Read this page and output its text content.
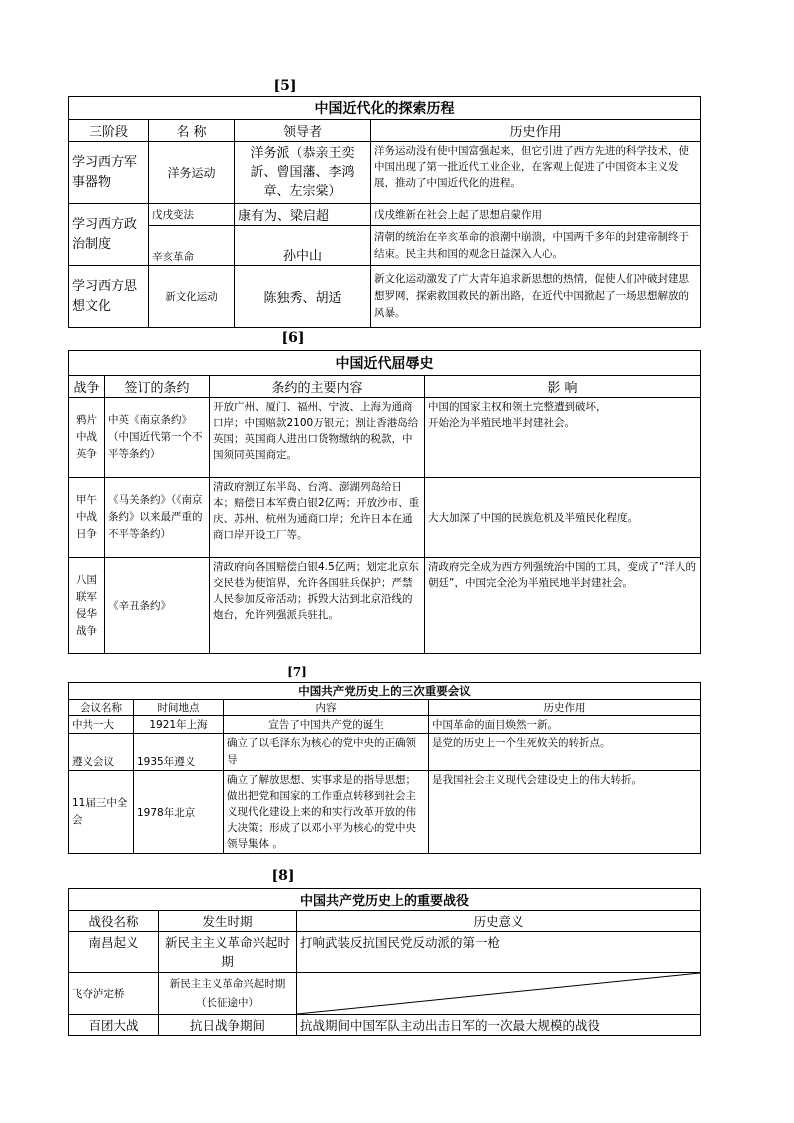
[5]
中国近代化的探索历程			
三阶段	名 称	领导者	历史作用
学习西方军事器物	洋务运动	洋务派（恭亲王奕訢、曾国藩、李鸿章、左宗棠）	洋务运动没有使中国富强起来，但它引进了西方先进的科学技术，使中国出现了第一批近代工业企业，在客观上促进了中国资本主义发展，推动了中国近代化的进程。
学习西方政治制度	戊戌变法	康有为、梁启超	戊戌维新在社会上起了思想启蒙作用
	辛亥革命	孙中山	清朝的统治在辛亥革命的浪潮中崩溃，中国两千多年的封建帝制终于结束。民主共和国的观念日益深入人心。
学习西方思想文化	新文化运动	陈独秀、胡适	新文化运动激发了广大青年追求新思想的热情，促使人们冲破封建思想罗网，探索救国救民的新出路，在近代中国掀起了一场思想解放的风暴。
[6]
中国近代屈辱史			
战争	签订的条约	条约的主要内容	影 响
鸦片中战英争	中英《南京条约》（中国近代第一个不平等条约）	开放广州、厦门、福州、宁波、上海为通商口岸；中国赔款2100万银元；割让香港岛给英国；英国商人进出口货物缴纳的税款，中国须同英国商定。	中国的国家主权和领土完整遭到破坏，开始沦为半殖民地半封建社会。
甲午中战日争	《马关条约》（《南京条约》以来最严重的不平等条约）	清政府割辽东半岛、台湾、澎湖列岛给日本；赔偿日本军费白银2亿两；开放沙市、重庆、苏州、杭州为通商口岸；允许日本在通商口岸开设工厂等。	大大加深了中国的民族危机及半殖民化程度。
八国联军侵华战争	《辛丑条约》	清政府向各国赔偿白银4.5亿两；划定北京东交民巷为使馆界，允许各国驻兵保护；严禁人民参加反帝活动；拆毁大沽到北京沿线的炮台，允许列强派兵驻扎。	清政府完全成为西方列强统治中国的工具，变成了“洋人的朝廷”，中国完全沦为半殖民地半封建社会。
[7]
中国共产党历史上的三次重要会议			
会议名称	时间地点	内容	历史作用
中共一大	1921年上海	宣告了中国共产党的诞生	中国革命的面目焕然一新。
遵义会议	1935年遵义	确立了以毛泽东为核心的党中央的正确领导	是党的历史上一个生死攸关的转折点。
11届三中全会	1978年北京	确立了解放思想、实事求是的指导思想；做出把党和国家的工作重点转移到社会主义现代化建设上来的和实行改革开放的伟大决策；形成了以邓小平为核心的党中央领导集体 。	是我国社会主义现代会建设史上的伟大转折。
[8]
中国共产党历史上的重要战役		
战役名称	发生时期	历史意义
南昌起义	新民主主义革命兴起时期	打响武装反抗国民党反动派的第一枪
飞夺泸定桥	新民主主义革命兴起时期（长征途中）	

百团大战	抗日战争期间	抗战期间中国军队主动出击日军的一次最大规模的战役
